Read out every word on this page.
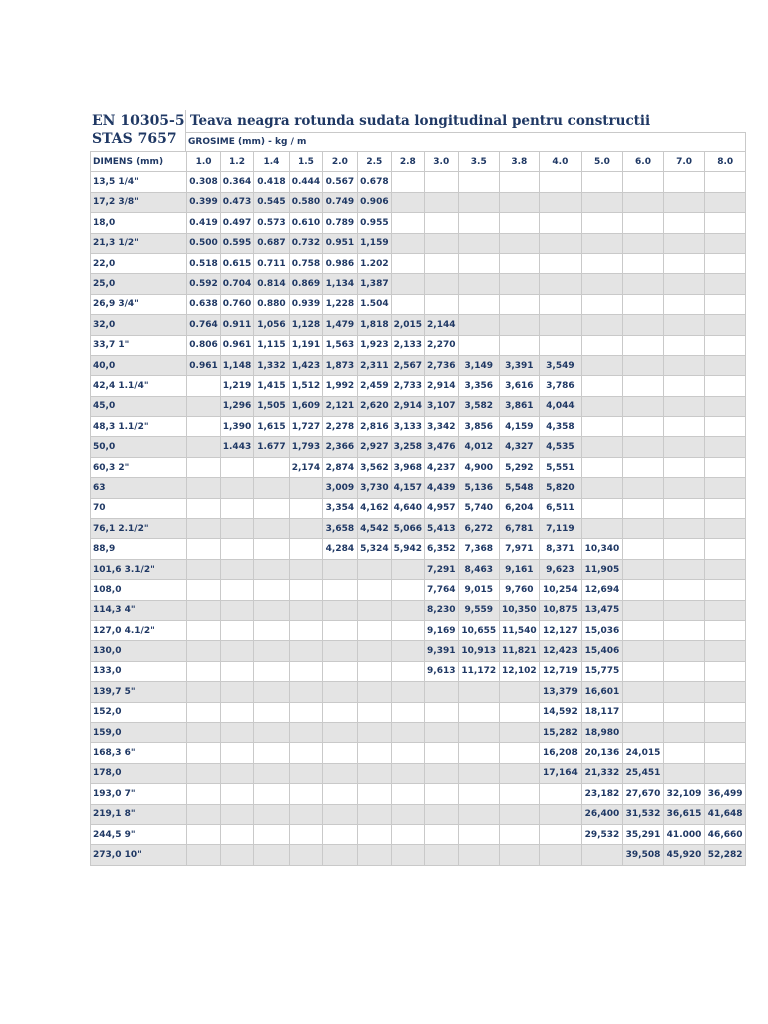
EN 10305-5
STAS 7657
Teava neagra rotunda sudata longitudinal pentru constructii
GROSIME (mm) - kg / m
DIMENS (mm)	1.0	1.2	1.4	1.5	2.0	2.5	2.8	3.0	3.5	3.8	4.0	5.0	6.0	7.0	8.0
13,5 1/4"	0.308	0.364	0.418	0.444	0.567	0.678									
17,2 3/8"	0.399	0.473	0.545	0.580	0.749	0.906									
18,0	0.419	0.497	0.573	0.610	0.789	0.955									
21,3 1/2"	0.500	0.595	0.687	0.732	0.951	1,159									
22,0	0.518	0.615	0.711	0.758	0.986	1.202									
25,0	0.592	0.704	0.814	0.869	1,134	1,387									
26,9 3/4"	0.638	0.760	0.880	0.939	1,228	1.504									
32,0	0.764	0.911	1,056	1,128	1,479	1,818	2,015	2,144							
33,7 1"	0.806	0.961	1,115	1,191	1,563	1,923	2,133	2,270							
40,0	0.961	1,148	1,332	1,423	1,873	2,311	2,567	2,736	3,149	3,391	3,549				
42,4 1.1/4"		1,219	1,415	1,512	1,992	2,459	2,733	2,914	3,356	3,616	3,786				
45,0		1,296	1,505	1,609	2,121	2,620	2,914	3,107	3,582	3,861	4,044				
48,3 1.1/2"		1,390	1,615	1,727	2,278	2,816	3,133	3,342	3,856	4,159	4,358				
50,0		1.443	1.677	1,793	2,366	2,927	3,258	3,476	4,012	4,327	4,535				
60,3 2"				2,174	2,874	3,562	3,968	4,237	4,900	5,292	5,551				
63					3,009	3,730	4,157	4,439	5,136	5,548	5,820				
70					3,354	4,162	4,640	4,957	5,740	6,204	6,511				
76,1 2.1/2"					3,658	4,542	5,066	5,413	6,272	6,781	7,119				
88,9					4,284	5,324	5,942	6,352	7,368	7,971	8,371	10,340			
101,6 3.1/2"								7,291	8,463	9,161	9,623	11,905			
108,0								7,764	9,015	9,760	10,254	12,694			
114,3 4"								8,230	9,559	10,350	10,875	13,475			
127,0 4.1/2"								9,169	10,655	11,540	12,127	15,036			
130,0								9,391	10,913	11,821	12,423	15,406			
133,0								9,613	11,172	12,102	12,719	15,775			
139,7 5"											13,379	16,601			
152,0											14,592	18,117			
159,0											15,282	18,980			
168,3 6"											16,208	20,136	24,015		
178,0											17,164	21,332	25,451		
193,0 7"												23,182	27,670	32,109	36,499
219,1 8"												26,400	31,532	36,615	41,648
244,5 9"												29,532	35,291	41.000	46,660
273,0 10"													39,508	45,920	52,282
